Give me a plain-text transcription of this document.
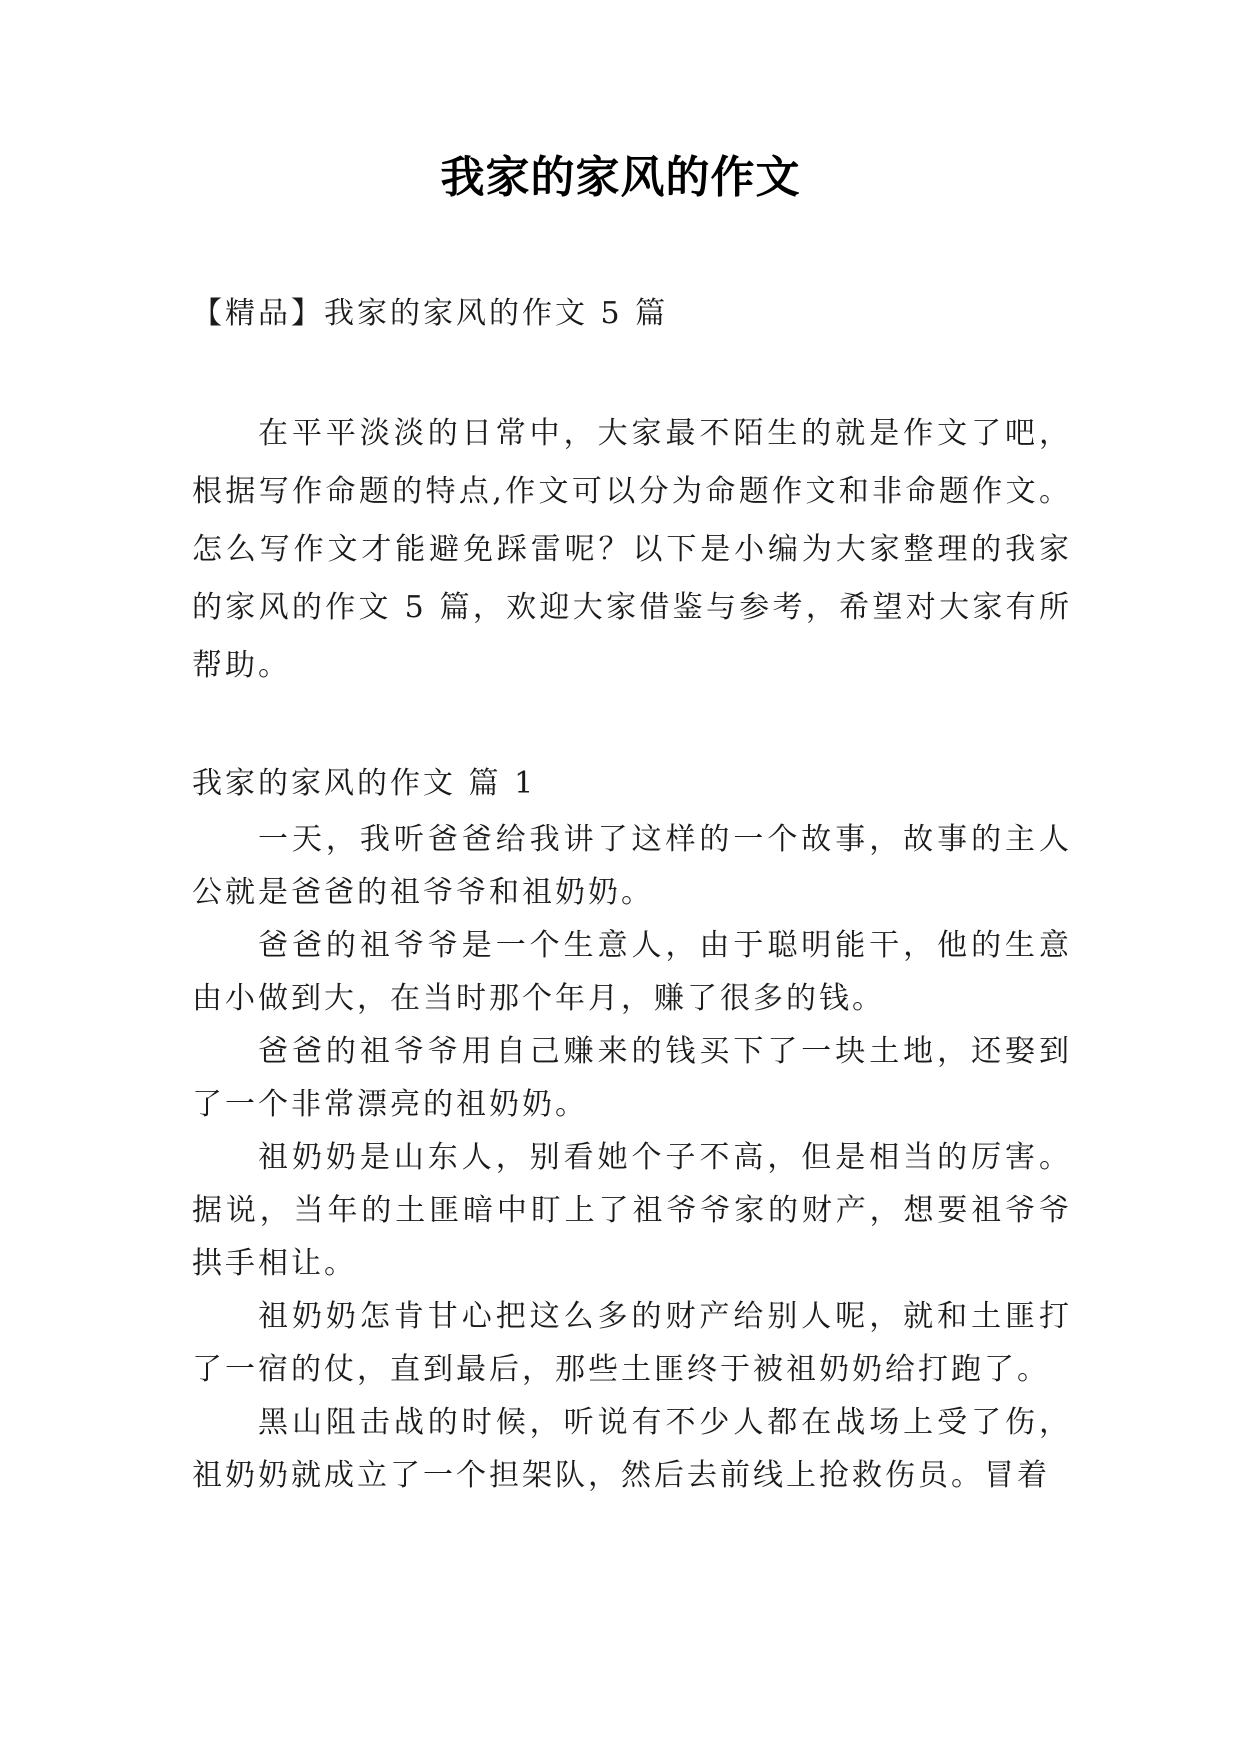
我家的家风的作文
【精品】我家的家风的作文 5 篇
在平平淡淡的日常中，大家最不陌生的就是作文了吧，根据写作命题的特点,作文可以分为命题作文和非命题作文。怎么写作文才能避免踩雷呢？以下是小编为大家整理的我家的家风的作文 5 篇，欢迎大家借鉴与参考，希望对大家有所帮助。
我家的家风的作文 篇 1

一天，我听爸爸给我讲了这样的一个故事，故事的主人公就是爸爸的祖爷爷和祖奶奶。

爸爸的祖爷爷是一个生意人，由于聪明能干，他的生意由小做到大，在当时那个年月，赚了很多的钱。

爸爸的祖爷爷用自己赚来的钱买下了一块土地，还娶到了一个非常漂亮的祖奶奶。

祖奶奶是山东人，别看她个子不高，但是相当的厉害。据说，当年的土匪暗中盯上了祖爷爷家的财产，想要祖爷爷拱手相让。

祖奶奶怎肯甘心把这么多的财产给别人呢，就和土匪打了一宿的仗，直到最后，那些土匪终于被祖奶奶给打跑了。

黑山阻击战的时候，听说有不少人都在战场上受了伤，祖奶奶就成立了一个担架队，然后去前线上抢救伤员。冒着
